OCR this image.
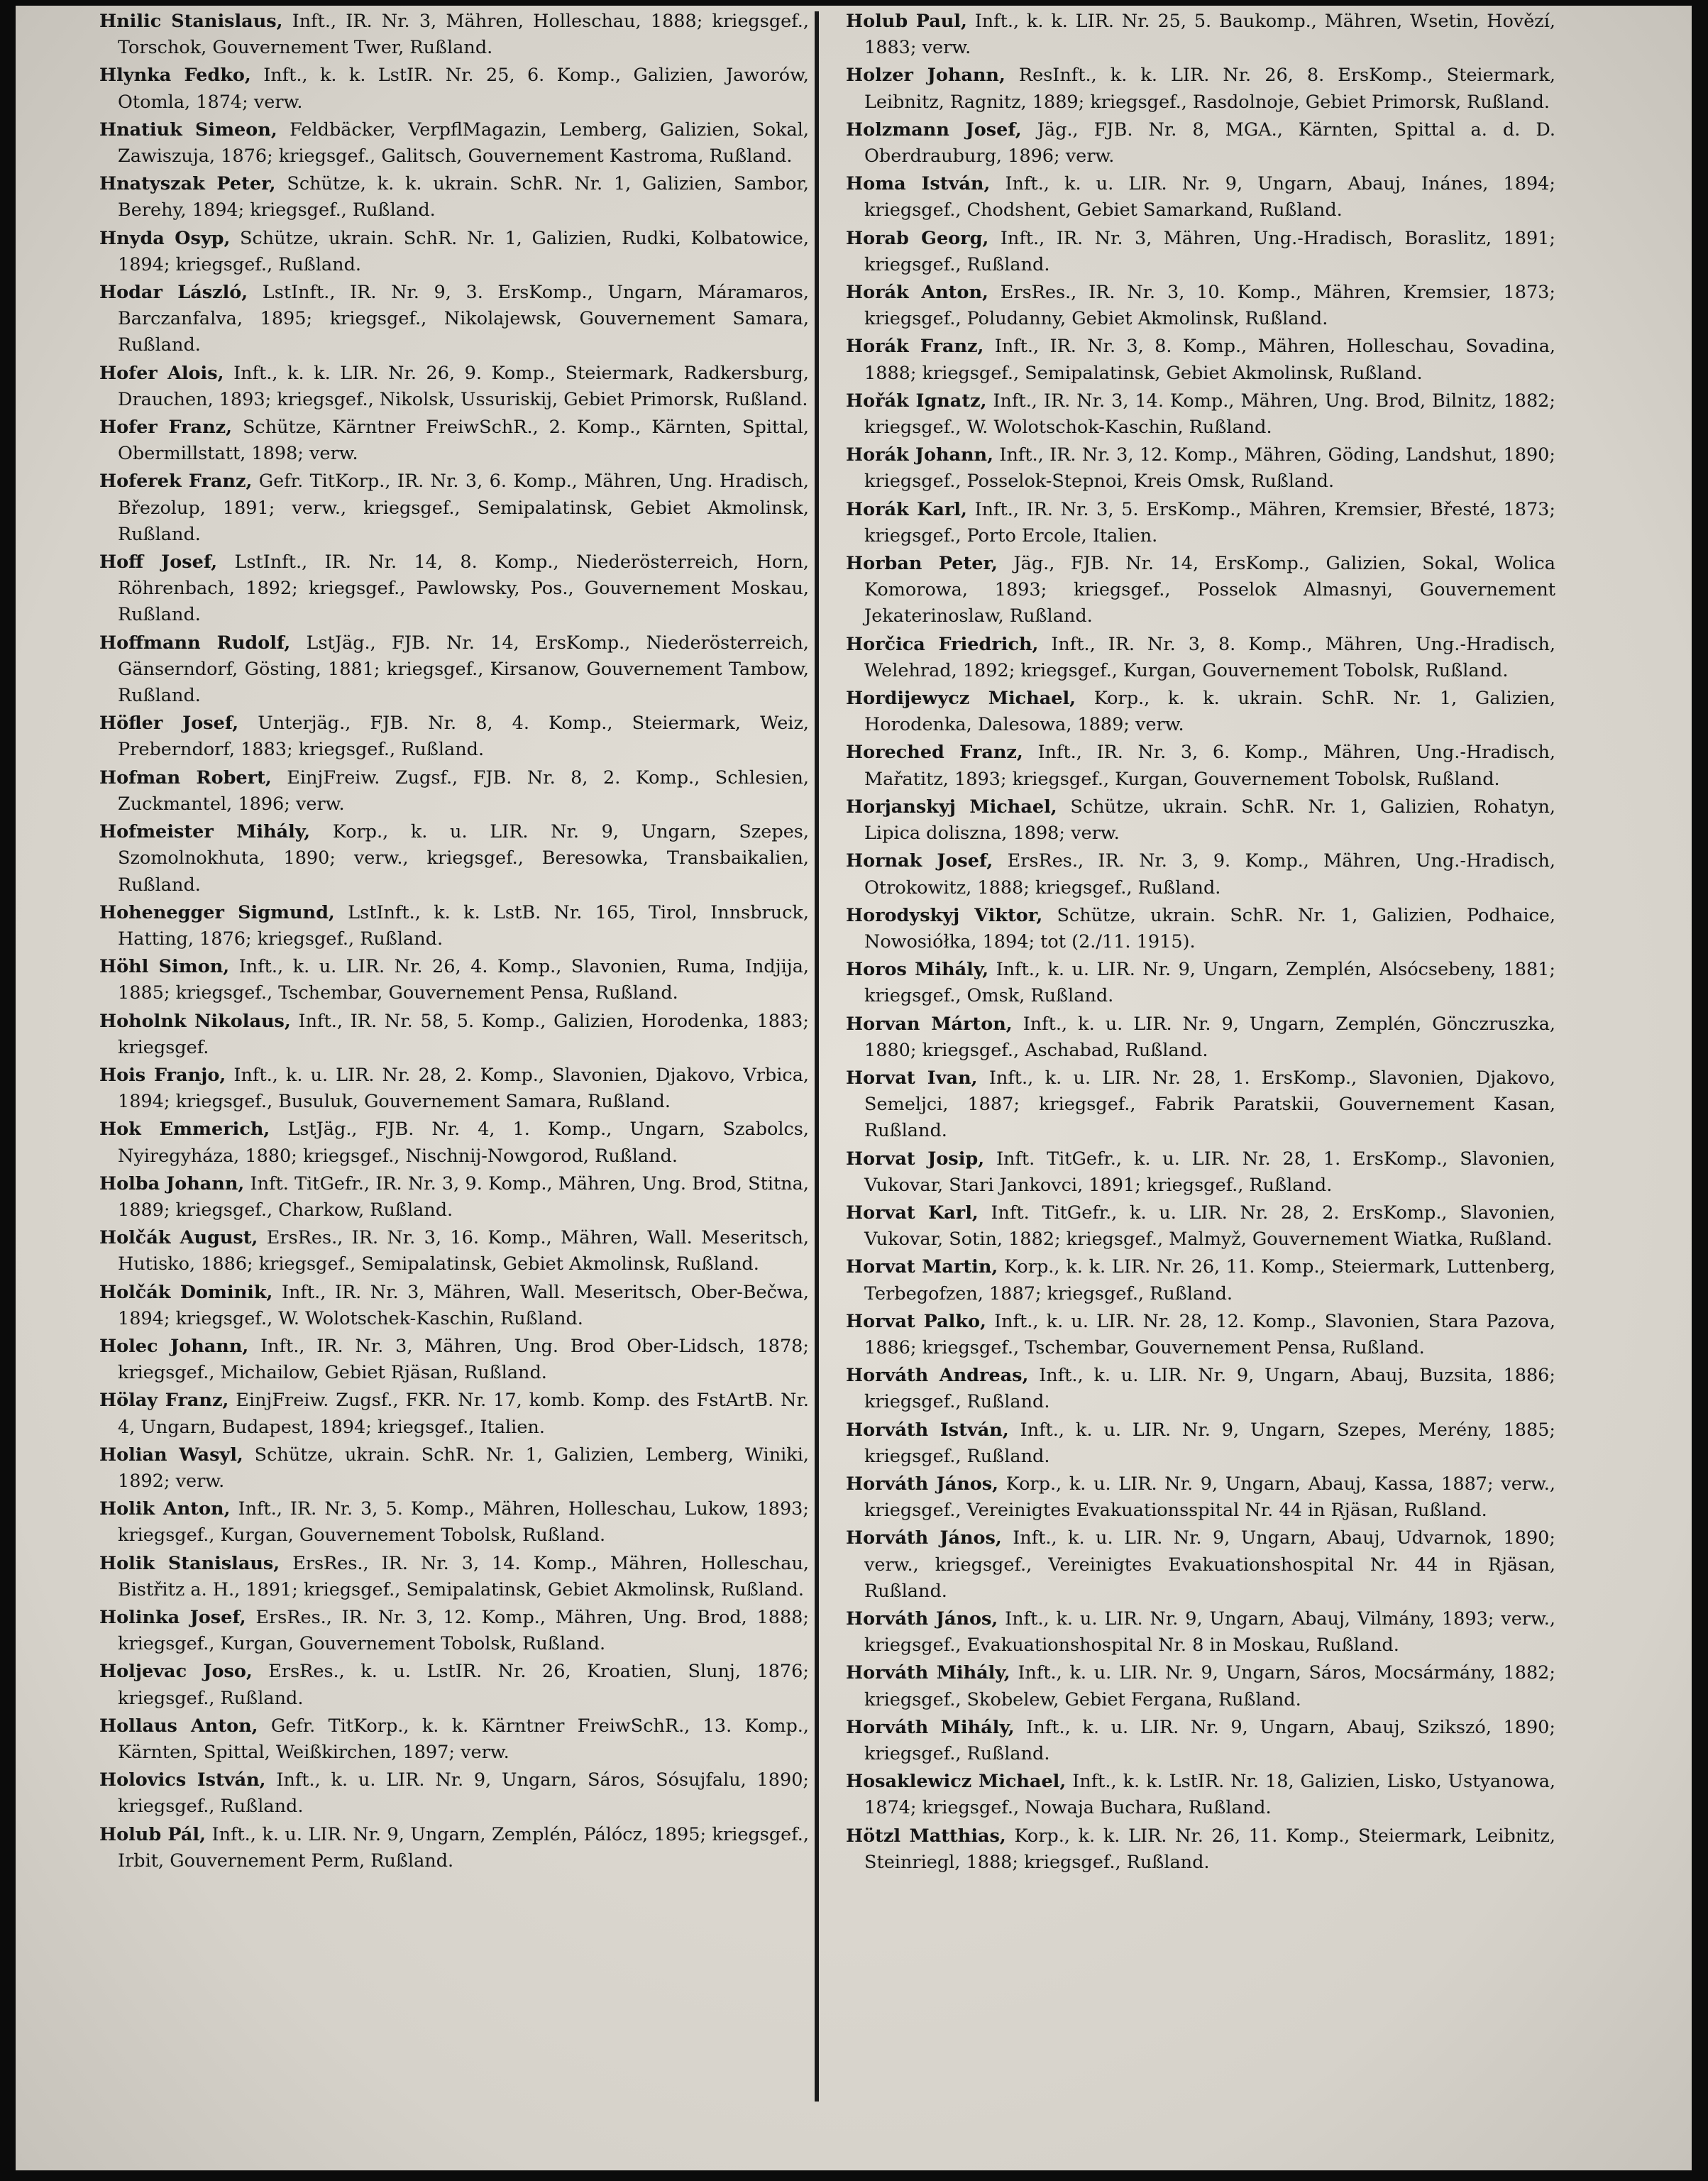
Hnilic Stanislaus, Inft., IR. Nr. 3, Mähren, Holleschau, 1888; kriegsgef., Torschok, Gouvernement Twer, Rußland.

Hlynka Fedko, Inft., k. k. LstIR. Nr. 25, 6. Komp., Galizien, Jaworów, Otomla, 1874; verw.

Hnatiuk Simeon, Feldbäcker, VerpflMagazin, Lemberg, Galizien, Sokal, Zawiszuja, 1876; kriegsgef., Galitsch, Gouvernement Kastroma, Rußland.

Hnatyszak Peter, Schütze, k. k. ukrain. SchR. Nr. 1, Galizien, Sambor, Berehy, 1894; kriegsgef., Rußland.

Hnyda Osyp, Schütze, ukrain. SchR. Nr. 1, Galizien, Rudki, Kolbatowice, 1894; kriegsgef., Rußland.

Hodar László, LstInft., IR. Nr. 9, 3. ErsKomp., Ungarn, Máramaros, Barczanfalva, 1895; kriegsgef., Nikolajewsk, Gouvernement Samara, Rußland.

Hofer Alois, Inft., k. k. LIR. Nr. 26, 9. Komp., Steiermark, Radkersburg, Drauchen, 1893; kriegsgef., Nikolsk, Ussuriskij, Gebiet Primorsk, Rußland.

Hofer Franz, Schütze, Kärntner FreiwSchR., 2. Komp., Kärnten, Spittal, Obermillstatt, 1898; verw.

Hoferek Franz, Gefr. TitKorp., IR. Nr. 3, 6. Komp., Mähren, Ung. Hradisch, Březolup, 1891; verw., kriegsgef., Semipalatinsk, Gebiet Akmolinsk, Rußland.

Hoff Josef, LstInft., IR. Nr. 14, 8. Komp., Niederösterreich, Horn, Röhrenbach, 1892; kriegsgef., Pawlowsky, Pos., Gouvernement Moskau, Rußland.

Hoffmann Rudolf, LstJäg., FJB. Nr. 14, ErsKomp., Niederösterreich, Gänserndorf, Gösting, 1881; kriegsgef., Kirsanow, Gouvernement Tambow, Rußland.

Höfler Josef, Unterjäg., FJB. Nr. 8, 4. Komp., Steiermark, Weiz, Preberndorf, 1883; kriegsgef., Rußland.

Hofman Robert, EinjFreiw. Zugsf., FJB. Nr. 8, 2. Komp., Schlesien, Zuckmantel, 1896; verw.

Hofmeister Mihály, Korp., k. u. LIR. Nr. 9, Ungarn, Szepes, Szomolnokhuta, 1890; verw., kriegsgef., Beresowka, Transbaikalien, Rußland.

Hohenegger Sigmund, LstInft., k. k. LstB. Nr. 165, Tirol, Innsbruck, Hatting, 1876; kriegsgef., Rußland.

Höhl Simon, Inft., k. u. LIR. Nr. 26, 4. Komp., Slavonien, Ruma, Indjija, 1885; kriegsgef., Tschembar, Gouvernement Pensa, Rußland.

Hoholnk Nikolaus, Inft., IR. Nr. 58, 5. Komp., Galizien, Horodenka, 1883; kriegsgef.

Hois Franjo, Inft., k. u. LIR. Nr. 28, 2. Komp., Slavonien, Djakovo, Vrbica, 1894; kriegsgef., Busuluk, Gouvernement Samara, Rußland.

Hok Emmerich, LstJäg., FJB. Nr. 4, 1. Komp., Ungarn, Szabolcs, Nyiregyháza, 1880; kriegsgef., Nischnij-Nowgorod, Rußland.

Holba Johann, Inft. TitGefr., IR. Nr. 3, 9. Komp., Mähren, Ung. Brod, Stitna, 1889; kriegsgef., Charkow, Rußland.

Holčák August, ErsRes., IR. Nr. 3, 16. Komp., Mähren, Wall. Meseritsch, Hutisko, 1886; kriegsgef., Semipalatinsk, Gebiet Akmolinsk, Rußland.

Holčák Dominik, Inft., IR. Nr. 3, Mähren, Wall. Meseritsch, Ober-Bečwa, 1894; kriegsgef., W. Wolotschek-Kaschin, Rußland.

Holec Johann, Inft., IR. Nr. 3, Mähren, Ung. Brod Ober-Lidsch, 1878; kriegsgef., Michailow, Gebiet Rjäsan, Rußland.

Hölay Franz, EinjFreiw. Zugsf., FKR. Nr. 17, komb. Komp. des FstArtB. Nr. 4, Ungarn, Budapest, 1894; kriegsgef., Italien.

Holian Wasyl, Schütze, ukrain. SchR. Nr. 1, Galizien, Lemberg, Winiki, 1892; verw.

Holik Anton, Inft., IR. Nr. 3, 5. Komp., Mähren, Holleschau, Lukow, 1893; kriegsgef., Kurgan, Gouvernement Tobolsk, Rußland.

Holik Stanislaus, ErsRes., IR. Nr. 3, 14. Komp., Mähren, Holleschau, Bistřitz a. H., 1891; kriegsgef., Semipalatinsk, Gebiet Akmolinsk, Rußland.

Holinka Josef, ErsRes., IR. Nr. 3, 12. Komp., Mähren, Ung. Brod, 1888; kriegsgef., Kurgan, Gouvernement Tobolsk, Rußland.

Holjevac Joso, ErsRes., k. u. LstIR. Nr. 26, Kroatien, Slunj, 1876; kriegsgef., Rußland.

Hollaus Anton, Gefr. TitKorp., k. k. Kärntner FreiwSchR., 13. Komp., Kärnten, Spittal, Weißkirchen, 1897; verw.

Holovics István, Inft., k. u. LIR. Nr. 9, Ungarn, Sáros, Sósujfalu, 1890; kriegsgef., Rußland.

Holub Pál, Inft., k. u. LIR. Nr. 9, Ungarn, Zemplén, Pálócz, 1895; kriegsgef., Irbit, Gouvernement Perm, Rußland.

Holub Paul, Inft., k. k. LIR. Nr. 25, 5. Baukomp., Mähren, Wsetin, Hovězí, 1883; verw.

Holzer Johann, ResInft., k. k. LIR. Nr. 26, 8. ErsKomp., Steiermark, Leibnitz, Ragnitz, 1889; kriegsgef., Rasdolnoje, Gebiet Primorsk, Rußland.

Holzmann Josef, Jäg., FJB. Nr. 8, MGA., Kärnten, Spittal a. d. D. Oberdrauburg, 1896; verw.

Homa István, Inft., k. u. LIR. Nr. 9, Ungarn, Abauj, Inánes, 1894; kriegsgef., Chodshent, Gebiet Samarkand, Rußland.

Horab Georg, Inft., IR. Nr. 3, Mähren, Ung.-Hradisch, Boraslitz, 1891; kriegsgef., Rußland.

Horák Anton, ErsRes., IR. Nr. 3, 10. Komp., Mähren, Kremsier, 1873; kriegsgef., Poludanny, Gebiet Akmolinsk, Rußland.

Horák Franz, Inft., IR. Nr. 3, 8. Komp., Mähren, Holleschau, Sovadina, 1888; kriegsgef., Semipalatinsk, Gebiet Akmolinsk, Rußland.

Hořák Ignatz, Inft., IR. Nr. 3, 14. Komp., Mähren, Ung. Brod, Bilnitz, 1882; kriegsgef., W. Wolotschok-Kaschin, Rußland.

Horák Johann, Inft., IR. Nr. 3, 12. Komp., Mähren, Göding, Landshut, 1890; kriegsgef., Posselok-Stepnoi, Kreis Omsk, Rußland.

Horák Karl, Inft., IR. Nr. 3, 5. ErsKomp., Mähren, Kremsier, Břesté, 1873; kriegsgef., Porto Ercole, Italien.

Horban Peter, Jäg., FJB. Nr. 14, ErsKomp., Galizien, Sokal, Wolica Komorowa, 1893; kriegsgef., Posselok Almasnyi, Gouvernement Jekaterinoslaw, Rußland.

Horčica Friedrich, Inft., IR. Nr. 3, 8. Komp., Mähren, Ung.-Hradisch, Welehrad, 1892; kriegsgef., Kurgan, Gouvernement Tobolsk, Rußland.

Hordijewycz Michael, Korp., k. k. ukrain. SchR. Nr. 1, Galizien, Horodenka, Dalesowa, 1889; verw.

Horeched Franz, Inft., IR. Nr. 3, 6. Komp., Mähren, Ung.-Hradisch, Mařatitz, 1893; kriegsgef., Kurgan, Gouvernement Tobolsk, Rußland.

Horjanskyj Michael, Schütze, ukrain. SchR. Nr. 1, Galizien, Rohatyn, Lipica doliszna, 1898; verw.

Hornak Josef, ErsRes., IR. Nr. 3, 9. Komp., Mähren, Ung.-Hradisch, Otrokowitz, 1888; kriegsgef., Rußland.

Horodyskyj Viktor, Schütze, ukrain. SchR. Nr. 1, Galizien, Podhaice, Nowosiółka, 1894; tot (2./11. 1915).

Horos Mihály, Inft., k. u. LIR. Nr. 9, Ungarn, Zemplén, Alsócsebeny, 1881; kriegsgef., Omsk, Rußland.

Horvan Márton, Inft., k. u. LIR. Nr. 9, Ungarn, Zemplén, Gönczruszka, 1880; kriegsgef., Aschabad, Rußland.

Horvat Ivan, Inft., k. u. LIR. Nr. 28, 1. ErsKomp., Slavonien, Djakovo, Semeljci, 1887; kriegsgef., Fabrik Paratskii, Gouvernement Kasan, Rußland.

Horvat Josip, Inft. TitGefr., k. u. LIR. Nr. 28, 1. ErsKomp., Slavonien, Vukovar, Stari Jankovci, 1891; kriegsgef., Rußland.

Horvat Karl, Inft. TitGefr., k. u. LIR. Nr. 28, 2. ErsKomp., Slavonien, Vukovar, Sotin, 1882; kriegsgef., Malmyž, Gouvernement Wiatka, Rußland.

Horvat Martin, Korp., k. k. LIR. Nr. 26, 11. Komp., Steiermark, Luttenberg, Terbegofzen, 1887; kriegsgef., Rußland.

Horvat Palko, Inft., k. u. LIR. Nr. 28, 12. Komp., Slavonien, Stara Pazova, 1886; kriegsgef., Tschembar, Gouvernement Pensa, Rußland.

Horváth Andreas, Inft., k. u. LIR. Nr. 9, Ungarn, Abauj, Buzsita, 1886; kriegsgef., Rußland.

Horváth István, Inft., k. u. LIR. Nr. 9, Ungarn, Szepes, Merény, 1885; kriegsgef., Rußland.

Horváth János, Korp., k. u. LIR. Nr. 9, Ungarn, Abauj, Kassa, 1887; verw., kriegsgef., Vereinigtes Evakuationsspital Nr. 44 in Rjäsan, Rußland.

Horváth János, Inft., k. u. LIR. Nr. 9, Ungarn, Abauj, Udvarnok, 1890; verw., kriegsgef., Vereinigtes Evakuationshospital Nr. 44 in Rjäsan, Rußland.

Horváth János, Inft., k. u. LIR. Nr. 9, Ungarn, Abauj, Vilmány, 1893; verw., kriegsgef., Evakuationshospital Nr. 8 in Moskau, Rußland.

Horváth Mihály, Inft., k. u. LIR. Nr. 9, Ungarn, Sáros, Mocsármány, 1882; kriegsgef., Skobelew, Gebiet Fergana, Rußland.

Horváth Mihály, Inft., k. u. LIR. Nr. 9, Ungarn, Abauj, Szikszó, 1890; kriegsgef., Rußland.

Hosaklewicz Michael, Inft., k. k. LstIR. Nr. 18, Galizien, Lisko, Ustyanowa, 1874; kriegsgef., Nowaja Buchara, Rußland.

Hötzl Matthias, Korp., k. k. LIR. Nr. 26, 11. Komp., Steiermark, Leibnitz, Steinriegl, 1888; kriegsgef., Rußland.
